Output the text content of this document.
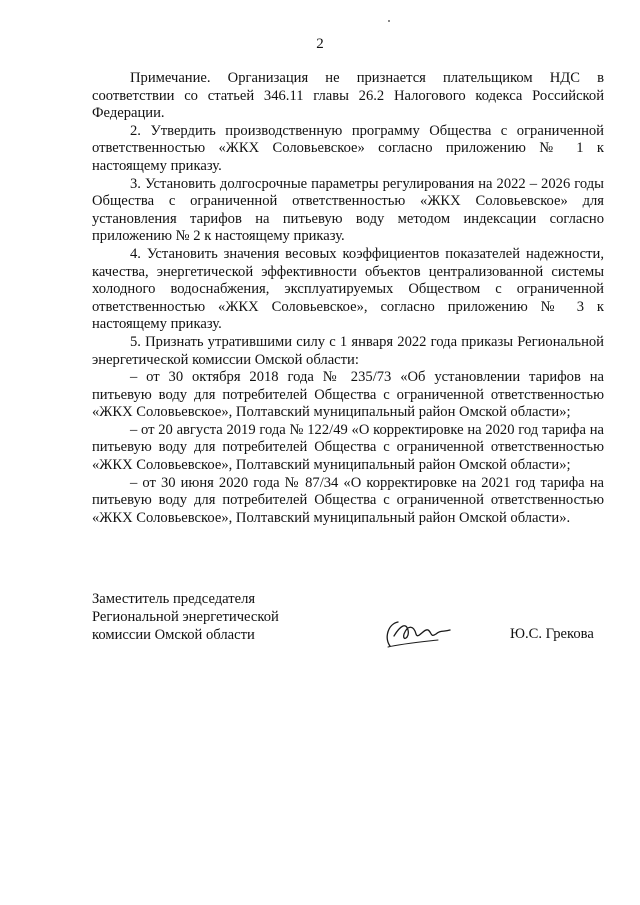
2

Примечание. Организация не признается плательщиком НДС в соответствии со статьей 346.11 главы 26.2 Налогового кодекса Российской Федерации.

2. Утвердить производственную программу Общества с ограниченной ответственностью «ЖКХ Соловьевское» согласно приложению № 1 к настоящему приказу.

3. Установить долгосрочные параметры регулирования на 2022 – 2026 годы Общества с ограниченной ответственностью «ЖКХ Соловьевское» для установления тарифов на питьевую воду методом индексации согласно приложению № 2 к настоящему приказу.

4. Установить значения весовых коэффициентов показателей надежности, качества, энергетической эффективности объектов централизованной системы холодного водоснабжения, эксплуатируемых Обществом с ограниченной ответственностью «ЖКХ Соловьевское», согласно приложению № 3 к настоящему приказу.

5. Признать утратившими силу с 1 января 2022 года приказы Региональной энергетической комиссии Омской области:

– от 30 октября 2018 года № 235/73 «Об установлении тарифов на питьевую воду для потребителей Общества с ограниченной ответственностью «ЖКХ Соловьевское», Полтавский муниципальный район Омской области»;

– от 20 августа 2019 года № 122/49 «О корректировке на 2020 год тарифа на питьевую воду для потребителей Общества с ограниченной ответственностью «ЖКХ Соловьевское», Полтавский муниципальный район Омской области»;

– от 30 июня 2020 года № 87/34 «О корректировке на 2021 год тарифа на питьевую воду для потребителей Общества с ограниченной ответственностью «ЖКХ Соловьевское», Полтавский муниципальный район Омской области».

Заместитель председателя
Региональной энергетической
комиссии Омской области	Ю.С. Грекова
